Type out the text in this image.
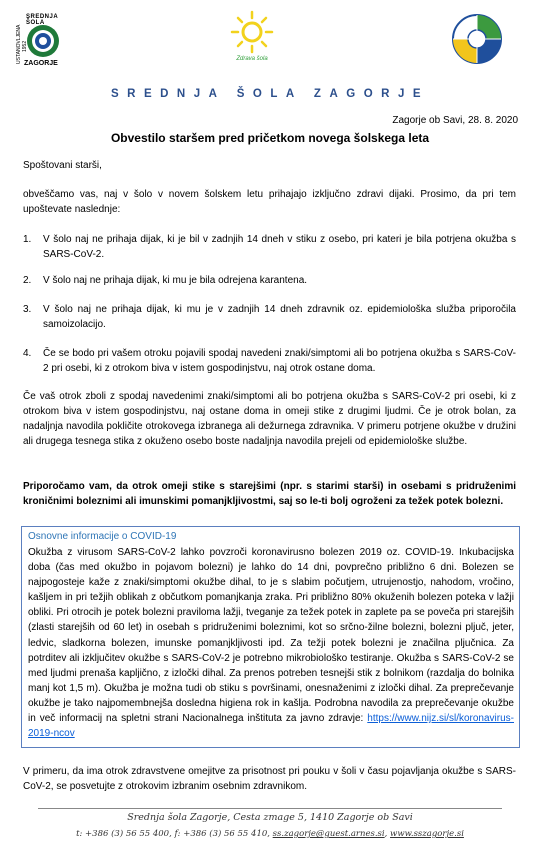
SREDNJA ŠOLA
USTANOVLJENA 1952
ZAGORJE
Zdrava šola
SREDNJA ŠOLA ZAGORJE
Zagorje ob Savi, 28. 8. 2020
Obvestilo staršem pred pričetkom novega šolskega leta
Spoštovani starši,
obveščamo vas, naj v šolo v novem šolskem letu prihajajo izključno zdravi dijaki. Prosimo, da pri tem upoštevate naslednje:
1. V šolo naj ne prihaja dijak, ki je bil v zadnjih 14 dneh v stiku z osebo, pri kateri je bila potrjena okužba s SARS-CoV-2.
2. V šolo naj ne prihaja dijak, ki mu je bila odrejena karantena.
3. V šolo naj ne prihaja dijak, ki mu je v zadnjih 14 dneh zdravnik oz. epidemiološka služba priporočila samoizolacijo.
4. Če se bodo pri vašem otroku pojavili spodaj navedeni znaki/simptomi ali bo potrjena okužba s SARS-CoV-2 pri osebi, ki z otrokom biva v istem gospodinjstvu, naj otrok ostane doma.
Če vaš otrok zboli z spodaj navedenimi znaki/simptomi ali bo potrjena okužba s SARS-CoV-2 pri osebi, ki z otrokom biva v istem gospodinjstvu, naj ostane doma in omeji stike z drugimi ljudmi. Če je otrok bolan, za nadaljnja navodila pokličite otrokovega izbranega ali dežurnega zdravnika. V primeru potrjene okužbe v družini ali drugega tesnega stika z okuženo osebo boste nadaljnja navodila prejeli od epidemiološke službe.
Priporočamo vam, da otrok omeji stike s starejšimi (npr. s starimi starši) in osebami s pridruženimi kroničnimi boleznimi ali imunskimi pomanjkljivostmi, saj so le-ti bolj ogroženi za težek potek bolezni.
Osnovne informacije o COVID-19
Okužba z virusom SARS-CoV-2 lahko povzroči koronavirusno bolezen 2019 oz. COVID-19. Inkubacijska doba (čas med okužbo in pojavom bolezni) je lahko do 14 dni, povprečno približno 6 dni. Bolezen se najpogosteje kaže z znaki/simptomi okužbe dihal, to je s slabim počutjem, utrujenostjo, nahodom, vročino, kašljem in pri težjih oblikah z občutkom pomanjkanja zraka. Pri približno 80% okuženih bolezen poteka v lažji obliki. Pri otrocih je potek bolezni praviloma lažji, tveganje za težek potek in zaplete pa se poveča pri starejših (zlasti starejših od 60 let) in osebah s pridruženimi boleznimi, kot so srčno-žilne bolezni, bolezni pljuč, jeter, ledvic, sladkorna bolezen, imunske pomanjkljivosti ipd. Za težji potek bolezni je značilna pljučnica. Za potrditev ali izključitev okužbe s SARS-CoV-2 je potrebno mikrobiološko testiranje. Okužba s SARS-CoV-2 se med ljudmi prenaša kapljično, z izločki dihal. Za prenos potreben tesnejši stik z bolnikom (razdalja do bolnika manj kot 1,5 m). Okužba je možna tudi ob stiku s površinami, onesnaženimi z izločki dihal. Za preprečevanje okužbe je tako najpomembnejša dosledna higiena rok in kašlja. Podrobna navodila za preprečevanje okužbe in več informacij na spletni strani Nacionalnega inštituta za javno zdravje: https://www.nijz.si/sl/koronavirus-2019-ncov
V primeru, da ima otrok zdravstvene omejitve za prisotnost pri pouku v šoli v času pojavljanja okužbe s SARS-CoV-2, se posvetujte z otrokovim izbranim osebnim zdravnikom.
Srednja šola Zagorje, Cesta zmage 5, 1410 Zagorje ob Savi
t: +386 (3) 56 55 400, f: +386 (3) 56 55 410, ss.zagorje@guest.arnes.si, www.sszagorje.si
